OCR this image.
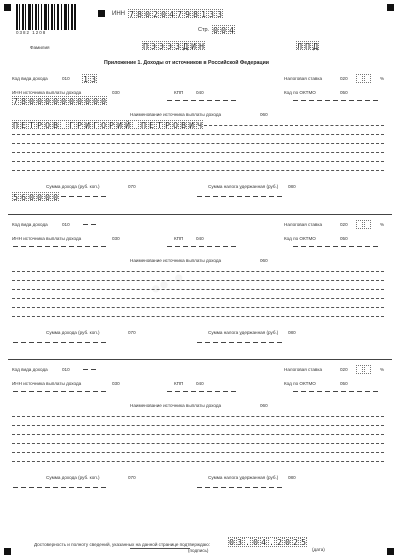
0382 1208
ИНН 7 8 0 2 0 4 7 9 8 1 3 3
Стр. 0 0 4
Фамилия	П Э Э Э З Д И Н	Л П Д
Приложение 1. Доходы от источников в Российской Федерации
Код вида дохода	010 1 3	Налоговая ставка	020	%
ИНН источника выплаты дохода	030	КПП	040	Код по ОКТМО	050
7 8 0 0 0 0 0 0 0 0 0 0
Наименование источника выплаты дохода	060
П Е Т Р О В Г Р И Г О Р И Й П Е Т Р О В И Ч
Сумма дохода (руб. коп.)	070	Сумма налога удержанная (руб.) 080
5 6 0 0 0 0
Код вида дохода	010	Налоговая ставка	020	%
ИНН источника выплаты дохода	030	КПП	040	Код по ОКТМО	050
Наименование источника выплаты дохода	060
Сумма дохода (руб. коп.)	070	Сумма налога удержанная (руб.) 080
Код вида дохода	010	Налоговая ставка	020	%
ИНН источника выплаты дохода	030	КПП	040	Код по ОКТМО	050
Наименование источника выплаты дохода	060
Сумма дохода (руб. коп.)	070	Сумма налога удержанная (руб.) 080
Достоверность и полноту сведений, указанных на данной странице подтверждаю:
(подпись)
0 3 . 0 4 . 2 0 2 5
(дата)
